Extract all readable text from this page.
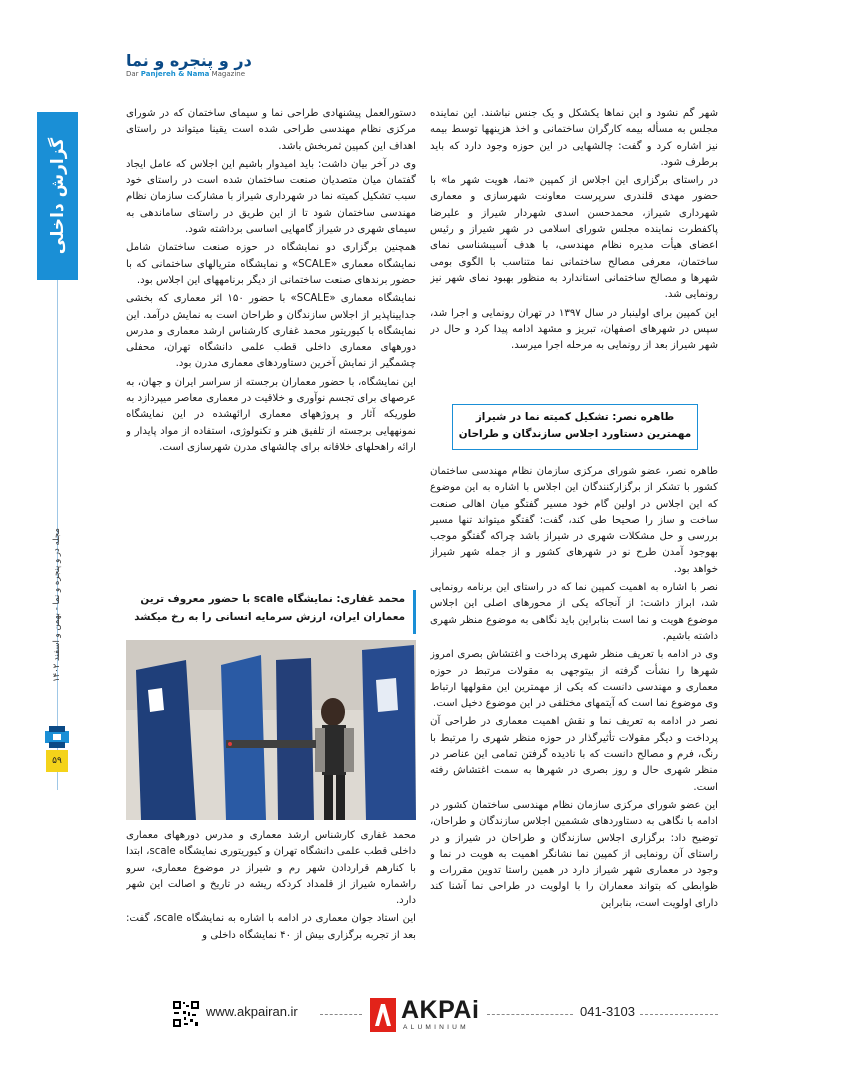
در و پنجره و نما
Dar Panjereh & Nama Magazine
گزارش داخلی
مجله در و پنجره و نما - بهمن و اسفند ۱۴۰۲
۵۹

شهر گم نشود و این نماها یکشکل و یک جنس نباشند. این نماینده مجلس به مسأله بیمه کارگران ساختمانی و اخذ هزینهها توسط بیمه نیز اشاره کرد و گفت: چالشهایی در این حوزه وجود دارد که باید برطرف شود.

در راستای برگزاری این اجلاس از کمپین «نما، هویت شهر ما» با حضور مهدی قلندری سرپرست معاونت شهرسازی و معماری شهرداری شیراز، محمدحسن اسدی شهردار شیراز و علیرضا پاکفطرت نماینده مجلس شورای اسلامی در شهر شیراز و رئیس اعضای هیأت مدیره نظام مهندسی، با هدف آسیبشناسی نمای ساختمان، معرفی مصالح ساختمانی نما متناسب با الگوی بومی شهرها و مصالح ساختمانی استاندارد به منظور بهبود نمای شهر نیز رونمایی شد.

این کمپین برای اولینبار در سال ۱۳۹۷ در تهران رونمایی و اجرا شد، سپس در شهرهای اصفهان، تبریز و مشهد ادامه پیدا کرد و حال در شهر شیراز بعد از رونمایی به مرحله اجرا میرسد.

طاهره نصر: تشکیل کمیته نما در شیراز مهمترین دستاورد اجلاس سازندگان و طراحان

طاهره نصر، عضو شورای مرکزی سازمان نظام مهندسی ساختمان کشور با تشکر از برگزارکنندگان این اجلاس با اشاره به این موضوع که این اجلاس در اولین گام خود مسیر گفتگو میان اهالی صنعت ساخت و ساز را صحیحا طی کند، گفت: گفتگو میتواند تنها مسیر بررسی و حل مشکلات شهری در شیراز باشد چراکه گفتگو موجب بهوجود آمدن طرح نو در شهرهای کشور و از جمله شهر شیراز خواهد بود.

نصر با اشاره به اهمیت کمپین نما که در راستای این برنامه رونمایی شد، ابراز داشت: از آنجاکه یکی از محورهای اصلی این اجلاس موضوع هویت و نما است بنابراین باید نگاهی به موضوع منظر شهری داشته باشیم.

وی در ادامه با تعریف منظر شهری پرداخت و اغتشاش بصری امروز شهرها را نشأت گرفته از بیتوجهی به مقولات مرتبط در حوزه معماری و مهندسی دانست که یکی از مهمترین این مقولهها ارتباط وی موضوع نما است که آیتمهای مختلفی در این موضوع دخیل است.

نصر در ادامه به تعریف نما و نقش اهمیت معماری در طراحی آن پرداخت و دیگر مقولات تأثیرگذار در حوزه منظر شهری را مرتبط با رنگ، فرم و مصالح دانست که با نادیده گرفتن تمامی این عناصر در منظر شهری حال و روز بصری در شهرها به سمت اغتشاش رفته است.

این عضو شورای مرکزی سازمان نظام مهندسی ساختمان کشور در ادامه با نگاهی به دستاوردهای ششمین اجلاس سازندگان و طراحان، توضیح داد: برگزاری اجلاس سازندگان و طراحان در شیراز و در راستای آن رونمایی از کمپین نما نشانگر اهمیت به هویت در نما و وجود در معماری شهر شیراز دارد در همین راستا تدوین مقررات و ظوابطی که بتواند معماران را با اولویت در طراحی نما آشنا کند دارای اولویت است، بنابراین

دستورالعمل پیشنهادی طراحی نما و سیمای ساختمان که در شورای مرکزی نظام مهندسی طراحی شده است یقینا میتواند در راستای اهداف این کمپین ثمربخش باشد.

وی در آخر بیان داشت: باید امیدوار باشیم این اجلاس که عامل ایجاد گفتمان میان متصدیان صنعت ساختمان شده است در راستای خود سبب تشکیل کمیته نما در شهرداری شیراز با مشارکت سازمان نظام مهندسی ساختمان شود تا از این طریق در راستای ساماندهی به سیمای شهری در شیراز گامهایی اساسی برداشته شود.

همچنین برگزاری دو نمایشگاه در حوزه صنعت ساختمان شامل نمایشگاه معماری «SCALE» و نمایشگاه متریالهای ساختمانی که با حضور برندهای صنعت ساختمانی از دیگر برنامههای این اجلاس بود.

نمایشگاه معماری «SCALE» با حضور ۱۵۰ اثر معماری که بخشی جداییناپذیر از اجلاس سازندگان و طراحان است به نمایش درآمد. این نمایشگاه با کیوریتور محمد غفاری کارشناس ارشد معماری و مدرس دورههای معماری داخلی قطب علمی دانشگاه تهران، محفلی چشمگیر از نمایش آخرین دستاوردهای معماری مدرن بود.

این نمایشگاه، با حضور معماران برجسته از سراسر ایران و جهان، به عرصهای برای تجسم نوآوری و خلاقیت در معماری معاصر میپردازد به طوریکه آثار و پروژههای معماری ارائهشده در این نمایشگاه نمونههایی برجسته از تلفیق هنر و تکنولوژی، استفاده از مواد پایدار و ارائه راهحلهای خلاقانه برای چالشهای مدرن شهرسازی است.

محمد غفاری: نمایشگاه scale با حضور معروف ترین معماران ایران، ارزش سرمایه انسانی را به رخ میکشد

محمد غفاری کارشناس ارشد معماری و مدرس دورههای معماری داخلی قطب علمی دانشگاه تهران و کیوریتوری نمایشگاه scale، ابتدا با کنارهم قراردادن شهر رم و شیراز در موضوع معماری، سرو راشماره شیراز از قلمداد کردکه ریشه در تاریخ و اصالت این شهر دارد.

این استاد جوان معماری در ادامه با اشاره به نمایشگاه scale، گفت: بعد از تجربه برگزاری بیش از ۴۰ نمایشگاه داخلی و

www.akpairan.ir	AKPAi
ALUMINIUM
041-3103
